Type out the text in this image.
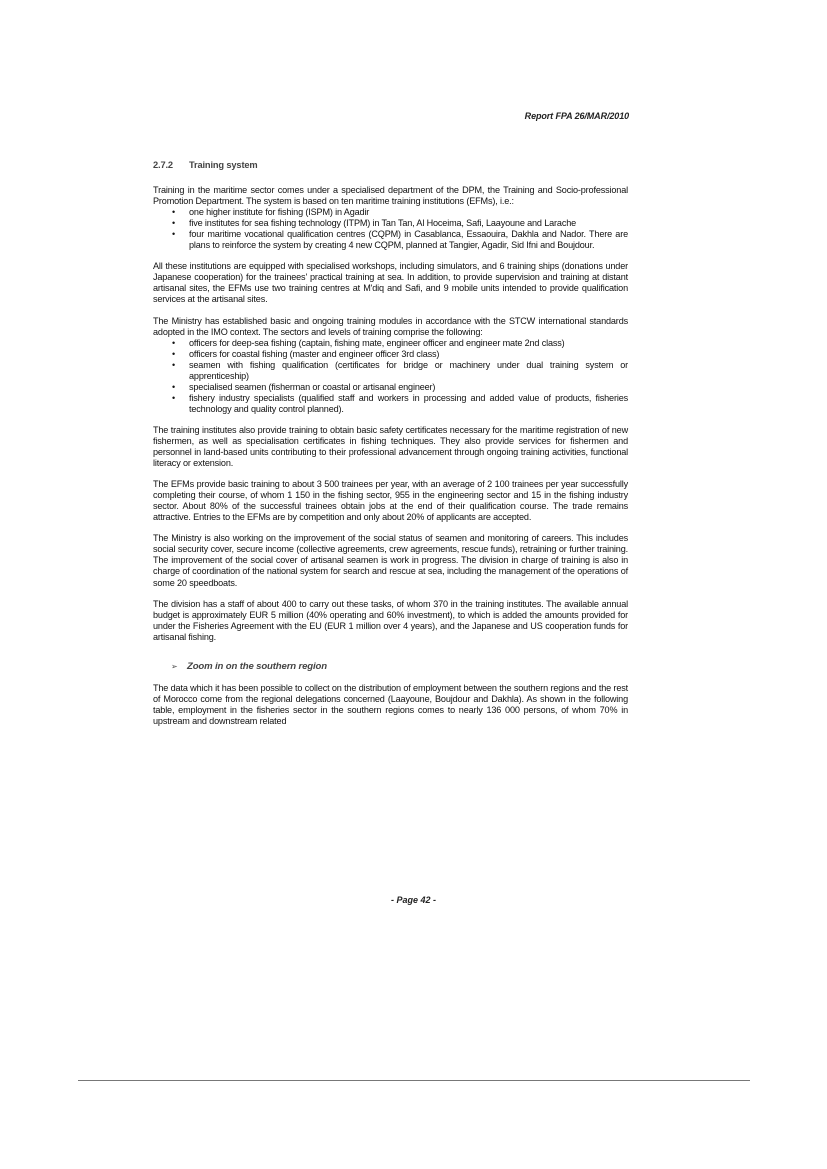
Report FPA 26/MAR/2010
2.7.2 Training system

Training in the maritime sector comes under a specialised department of the DPM, the Training and Socio-professional Promotion Department. The system is based on ten maritime training institutions (EFMs), i.e.:

• one higher institute for fishing (ISPM) in Agadir
• five institutes for sea fishing technology (ITPM) in Tan Tan, Al Hoceima, Safi, Laayoune and Larache
• four maritime vocational qualification centres (CQPM) in Casablanca, Essaouira, Dakhla and Nador. There are plans to reinforce the system by creating 4 new CQPM, planned at Tangier, Agadir, Sid Ifni and Boujdour.

All these institutions are equipped with specialised workshops, including simulators, and 6 training ships (donations under Japanese cooperation) for the trainees' practical training at sea. In addition, to provide supervision and training at distant artisanal sites, the EFMs use two training centres at M'diq and Safi, and 9 mobile units intended to provide qualification services at the artisanal sites.

The Ministry has established basic and ongoing training modules in accordance with the STCW international standards adopted in the IMO context. The sectors and levels of training comprise the following:

• officers for deep-sea fishing (captain, fishing mate, engineer officer and engineer mate 2nd class)
• officers for coastal fishing (master and engineer officer 3rd class)
• seamen with fishing qualification (certificates for bridge or machinery under dual training system or apprenticeship)
• specialised seamen (fisherman or coastal or artisanal engineer)
• fishery industry specialists (qualified staff and workers in processing and added value of products, fisheries technology and quality control planned).

The training institutes also provide training to obtain basic safety certificates necessary for the maritime registration of new fishermen, as well as specialisation certificates in fishing techniques. They also provide services for fishermen and personnel in land-based units contributing to their professional advancement through ongoing training activities, functional literacy or extension.

The EFMs provide basic training to about 3 500 trainees per year, with an average of 2 100 trainees per year successfully completing their course, of whom 1 150 in the fishing sector, 955 in the engineering sector and 15 in the fishing industry sector. About 80% of the successful trainees obtain jobs at the end of their qualification course. The trade remains attractive. Entries to the EFMs are by competition and only about 20% of applicants are accepted.

The Ministry is also working on the improvement of the social status of seamen and monitoring of careers. This includes social security cover, secure income (collective agreements, crew agreements, rescue funds), retraining or further training. The improvement of the social cover of artisanal seamen is work in progress. The division in charge of training is also in charge of coordination of the national system for search and rescue at sea, including the management of the operations of some 20 speedboats.

The division has a staff of about 400 to carry out these tasks, of whom 370 in the training institutes. The available annual budget is approximately EUR 5 million (40% operating and 60% investment), to which is added the amounts provided for under the Fisheries Agreement with the EU (EUR 1 million over 4 years), and the Japanese and US cooperation funds for artisanal fishing.

➢ Zoom in on the southern region

The data which it has been possible to collect on the distribution of employment between the southern regions and the rest of Morocco come from the regional delegations concerned (Laayoune, Boujdour and Dakhla). As shown in the following table, employment in the fisheries sector in the southern regions comes to nearly 136 000 persons, of whom 70% in upstream and downstream related

- Page 42 -
